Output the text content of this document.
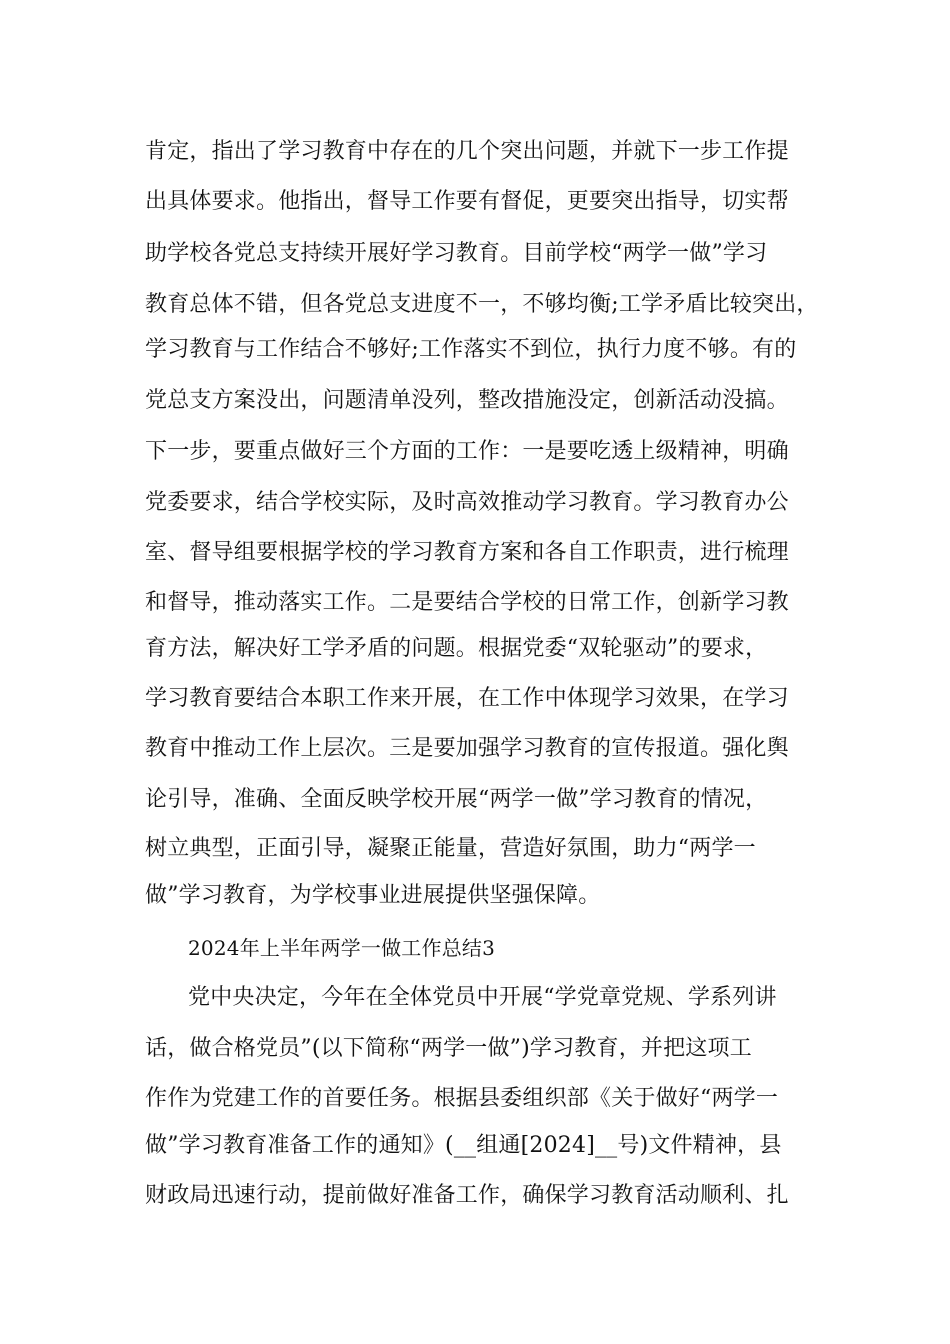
肯定，指出了学习教育中存在的几个突出问题，并就下一步工作提
出具体要求。他指出，督导工作要有督促，更要突出指导，切实帮
助学校各党总支持续开展好学习教育。目前学校“两学一做”学习
教育总体不错，但各党总支进度不一，不够均衡;工学矛盾比较突出，
学习教育与工作结合不够好;工作落实不到位，执行力度不够。有的
党总支方案没出，问题清单没列，整改措施没定，创新活动没搞。
下一步，要重点做好三个方面的工作：一是要吃透上级精神，明确
党委要求，结合学校实际，及时高效推动学习教育。学习教育办公
室、督导组要根据学校的学习教育方案和各自工作职责，进行梳理
和督导，推动落实工作。二是要结合学校的日常工作，创新学习教
育方法，解决好工学矛盾的问题。根据党委“双轮驱动”的要求，
学习教育要结合本职工作来开展，在工作中体现学习效果，在学习
教育中推动工作上层次。三是要加强学习教育的宣传报道。强化舆
论引导，准确、全面反映学校开展“两学一做”学习教育的情况，
树立典型，正面引导，凝聚正能量，营造好氛围，助力“两学一
做”学习教育，为学校事业进展提供坚强保障。
2024年上半年两学一做工作总结3
党中央决定，今年在全体党员中开展“学党章党规、学系列讲
话，做合格党员”(以下简称“两学一做”)学习教育，并把这项工
作作为党建工作的首要任务。根据县委组织部《关于做好“两学一
做”学习教育准备工作的通知》(__组通[2024]__号)文件精神，县
财政局迅速行动，提前做好准备工作，确保学习教育活动顺利、扎
